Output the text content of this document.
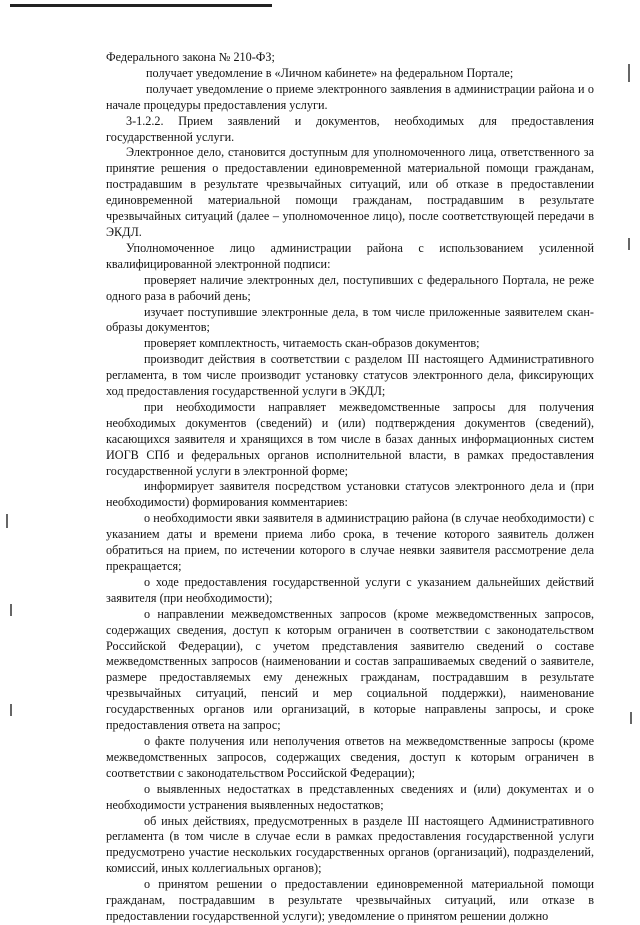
Федерального закона № 210-ФЗ;

получает уведомление в «Личном кабинете» на федеральном Портале;

получает уведомление о приеме электронного заявления в администрации района и о начале процедуры предоставления услуги.

3-1.2.2. Прием заявлений и документов, необходимых для предоставления государственной услуги.

Электронное дело, становится доступным для уполномоченного лица, ответственного за принятие решения о предоставлении единовременной материальной помощи гражданам, пострадавшим в результате чрезвычайных ситуаций, или об отказе в предоставлении единовременной материальной помощи гражданам, пострадавшим в результате чрезвычайных ситуаций (далее – уполномоченное лицо), после соответствующей передачи в ЭКДЛ.

Уполномоченное лицо администрации района с использованием усиленной квалифицированной электронной подписи:

проверяет наличие электронных дел, поступивших с федерального Портала, не реже одного раза в рабочий день;

изучает поступившие электронные дела, в том числе приложенные заявителем скан-образы документов;

проверяет комплектность, читаемость скан-образов документов;

производит действия в соответствии с разделом III настоящего Административного регламента, в том числе производит установку статусов электронного дела, фиксирующих ход предоставления государственной услуги в ЭКДЛ;

при необходимости направляет межведомственные запросы для получения необходимых документов (сведений) и (или) подтверждения документов (сведений), касающихся заявителя и хранящихся в том числе в базах данных информационных систем ИОГВ СПб и федеральных органов исполнительной власти, в рамках предоставления государственной услуги в электронной форме;

информирует заявителя посредством установки статусов электронного дела и (при необходимости) формирования комментариев:

о необходимости явки заявителя в администрацию района (в случае необходимости) с указанием даты и времени приема либо срока, в течение которого заявитель должен обратиться на прием, по истечении которого в случае неявки заявителя рассмотрение дела прекращается;

о ходе предоставления государственной услуги с указанием дальнейших действий заявителя (при необходимости);

о направлении межведомственных запросов (кроме межведомственных запросов, содержащих сведения, доступ к которым ограничен в соответствии с законодательством Российской Федерации), с учетом представления заявителю сведений о составе межведомственных запросов (наименовании и состав запрашиваемых сведений о заявителе, размере предоставляемых ему денежных гражданам, пострадавшим в результате чрезвычайных ситуаций, пенсий и мер социальной поддержки), наименование государственных органов или организаций, в которые направлены запросы, и сроке предоставления ответа на запрос;

о факте получения или неполучения ответов на межведомственные запросы (кроме межведомственных запросов, содержащих сведения, доступ к которым ограничен в соответствии с законодательством Российской Федерации);

о выявленных недостатках в представленных сведениях и (или) документах и о необходимости устранения выявленных недостатков;

об иных действиях, предусмотренных в разделе III настоящего Административного регламента (в том числе в случае если в рамках предоставления государственной услуги предусмотрено участие нескольких государственных органов (организаций), подразделений, комиссий, иных коллегиальных органов);

о принятом решении о предоставлении единовременной материальной помощи гражданам, пострадавшим в результате чрезвычайных ситуаций, или отказе в предоставлении государственной услуги); уведомление о принятом решении должно
